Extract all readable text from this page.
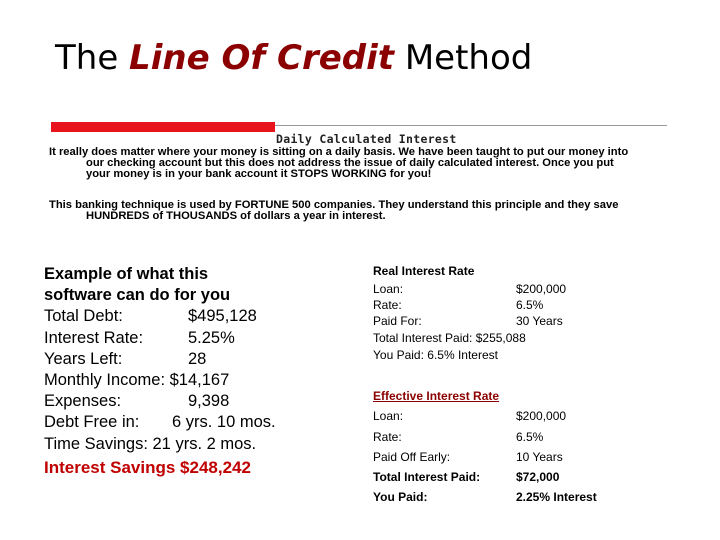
The Line Of Credit Method
Daily Calculated Interest
It really does matter where your money is sitting on a daily basis. We have been taught to put our money into
our checking account but this does not address the issue of daily calculated interest. Once you put
your money is in your bank account it STOPS WORKING for you!
This banking technique is used by FORTUNE 500 companies. They understand this principle and they save
HUNDREDS of THOUSANDS of dollars a year in interest.
Example of what this
software can do for you
Total Debt:	$495,128
Interest Rate:	5.25%
Years Left:	28
Monthly Income: $14,167
Expenses:	9,398
Debt Free in: 6 yrs. 10 mos.
Time Savings: 21 yrs. 2 mos.
Interest Savings $248,242
Real Interest Rate
Loan:	$200,000
Rate:	6.5%
Paid For:	30 Years
Total Interest Paid: $255,088
You Paid: 6.5% Interest
Effective Interest Rate
Loan:	$200,000
Rate:	6.5%
Paid Off Early:	10 Years
Total Interest Paid:	$72,000
You Paid:	2.25% Interest
